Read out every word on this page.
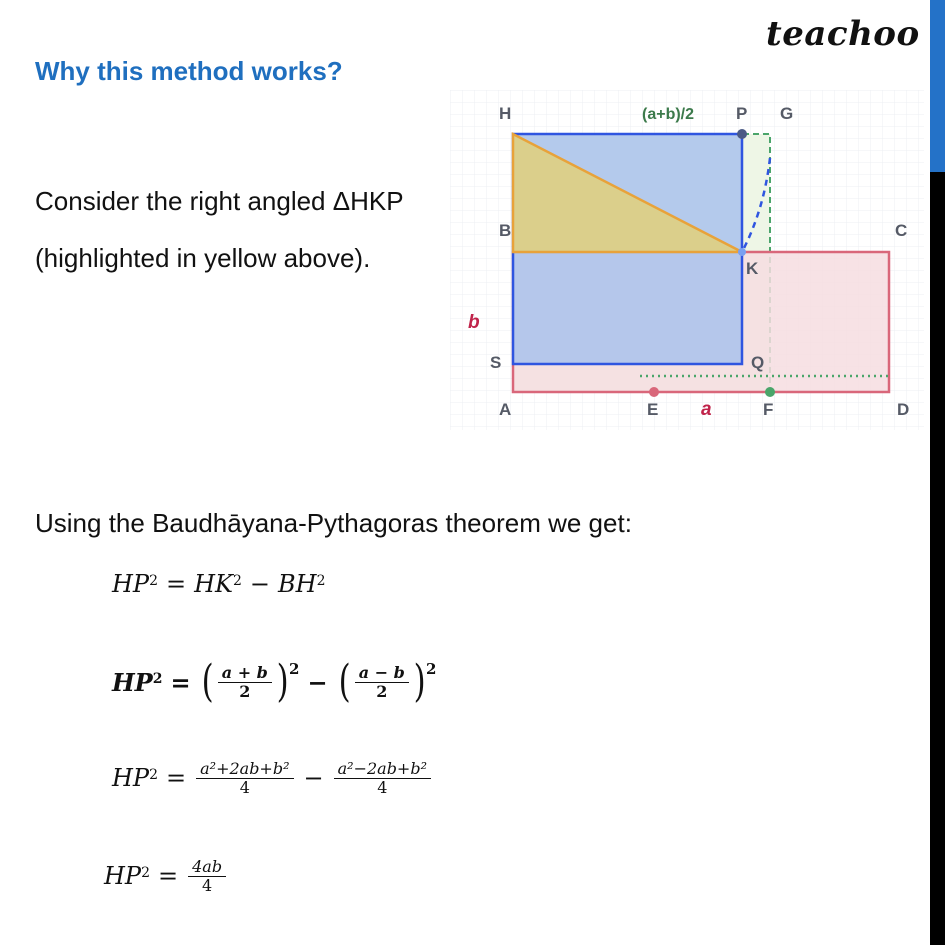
teachoo
Why this method works?

Consider the right angled ΔHKP

(highlighted in yellow above).

H	P G
B	C
K
S	Q
A	E	F	D
(a+b)/2
b
a

Using the Baudhāyana-Pythagoras theorem we get:

$HP^2 = HK^2 - BH^2$
$HP^2$ = ( $\frac{a + b}{2}$ ) 2 − ( $\frac{a - b}{2}$ ) 2
$HP^2 = \frac{\text{a²+2ab+b²}}{4} - \frac{\text{a²−2ab+b²}}{4}$
$HP^2 = \frac{4ab}{4}$
